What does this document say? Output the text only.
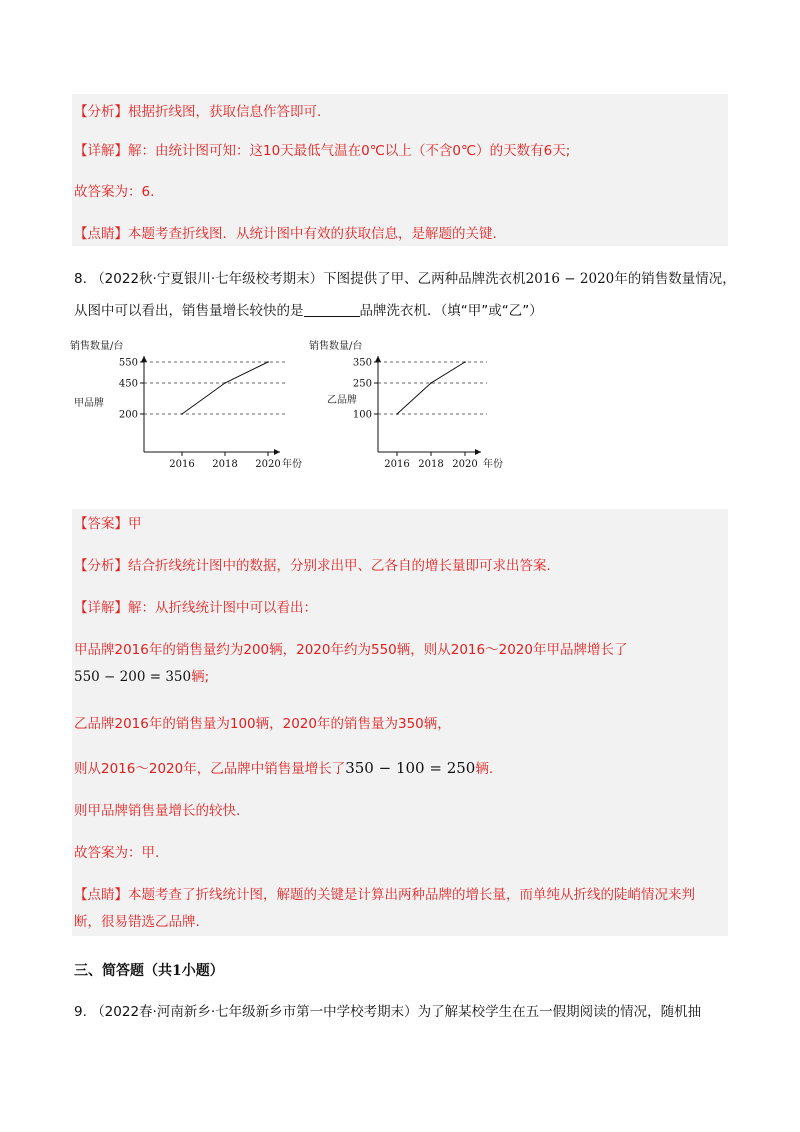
【分析】根据折线图，获取信息作答即可.
【详解】解：由统计图可知：这10天最低气温在0℃以上（不含0℃）的天数有6天;
故答案为：6.
【点睛】本题考查折线图．从统计图中有效的获取信息，是解题的关键.
8. （2022秋·宁夏银川·七年级校考期末）下图提供了甲、乙两种品牌洗衣机2016 − 2020年的销售数量情况，
从图中可以看出，销售量增长较快的是	品牌洗衣机．（填“甲”或“乙”）
销售数量/台
甲品牌
200
450
550
2016 2018 2020 年份
销售数量/台
乙品牌
100
250
350
2016 2018 2020 年份
【答案】甲
【分析】结合折线统计图中的数据，分别求出甲、乙各自的增长量即可求出答案.
【详解】解：从折线统计图中可以看出：
甲品牌2016年的销售量约为200辆，2020年约为550辆，则从2016～2020年甲品牌增长了
550 − 200 = 350辆;
乙品牌2016年的销售量为100辆，2020年的销售量为350辆，
则从2016～2020年，乙品牌中销售量增长了350 − 100 = 250辆.
则甲品牌销售量增长的较快.
故答案为：甲.
【点睛】本题考查了折线统计图，解题的关键是计算出两种品牌的增长量，而单纯从折线的陡峭情况来判
断，很易错选乙品牌.
三、简答题（共1小题）
9. （2022春·河南新乡·七年级新乡市第一中学校考期末）为了解某校学生在五一假期阅读的情况，随机抽
